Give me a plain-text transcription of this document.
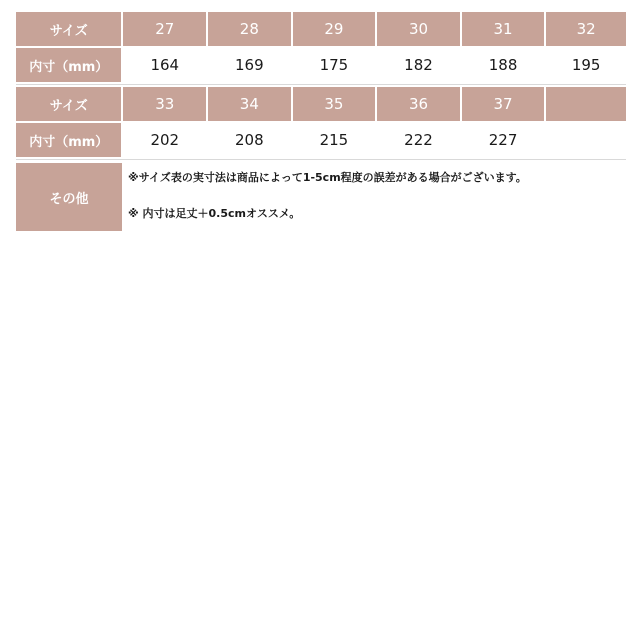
サイズ	27	28	29	30	31	32
内寸（mm）	164	169	175	182	188	195
サイズ	33	34	35	36	37
内寸（mm）	202	208	215	222	227
その他

※サイズ表の実寸法は商品によって1-5cm程度の誤差がある場合がございます。

※ 内寸は足丈＋0.5cmオススメ。
